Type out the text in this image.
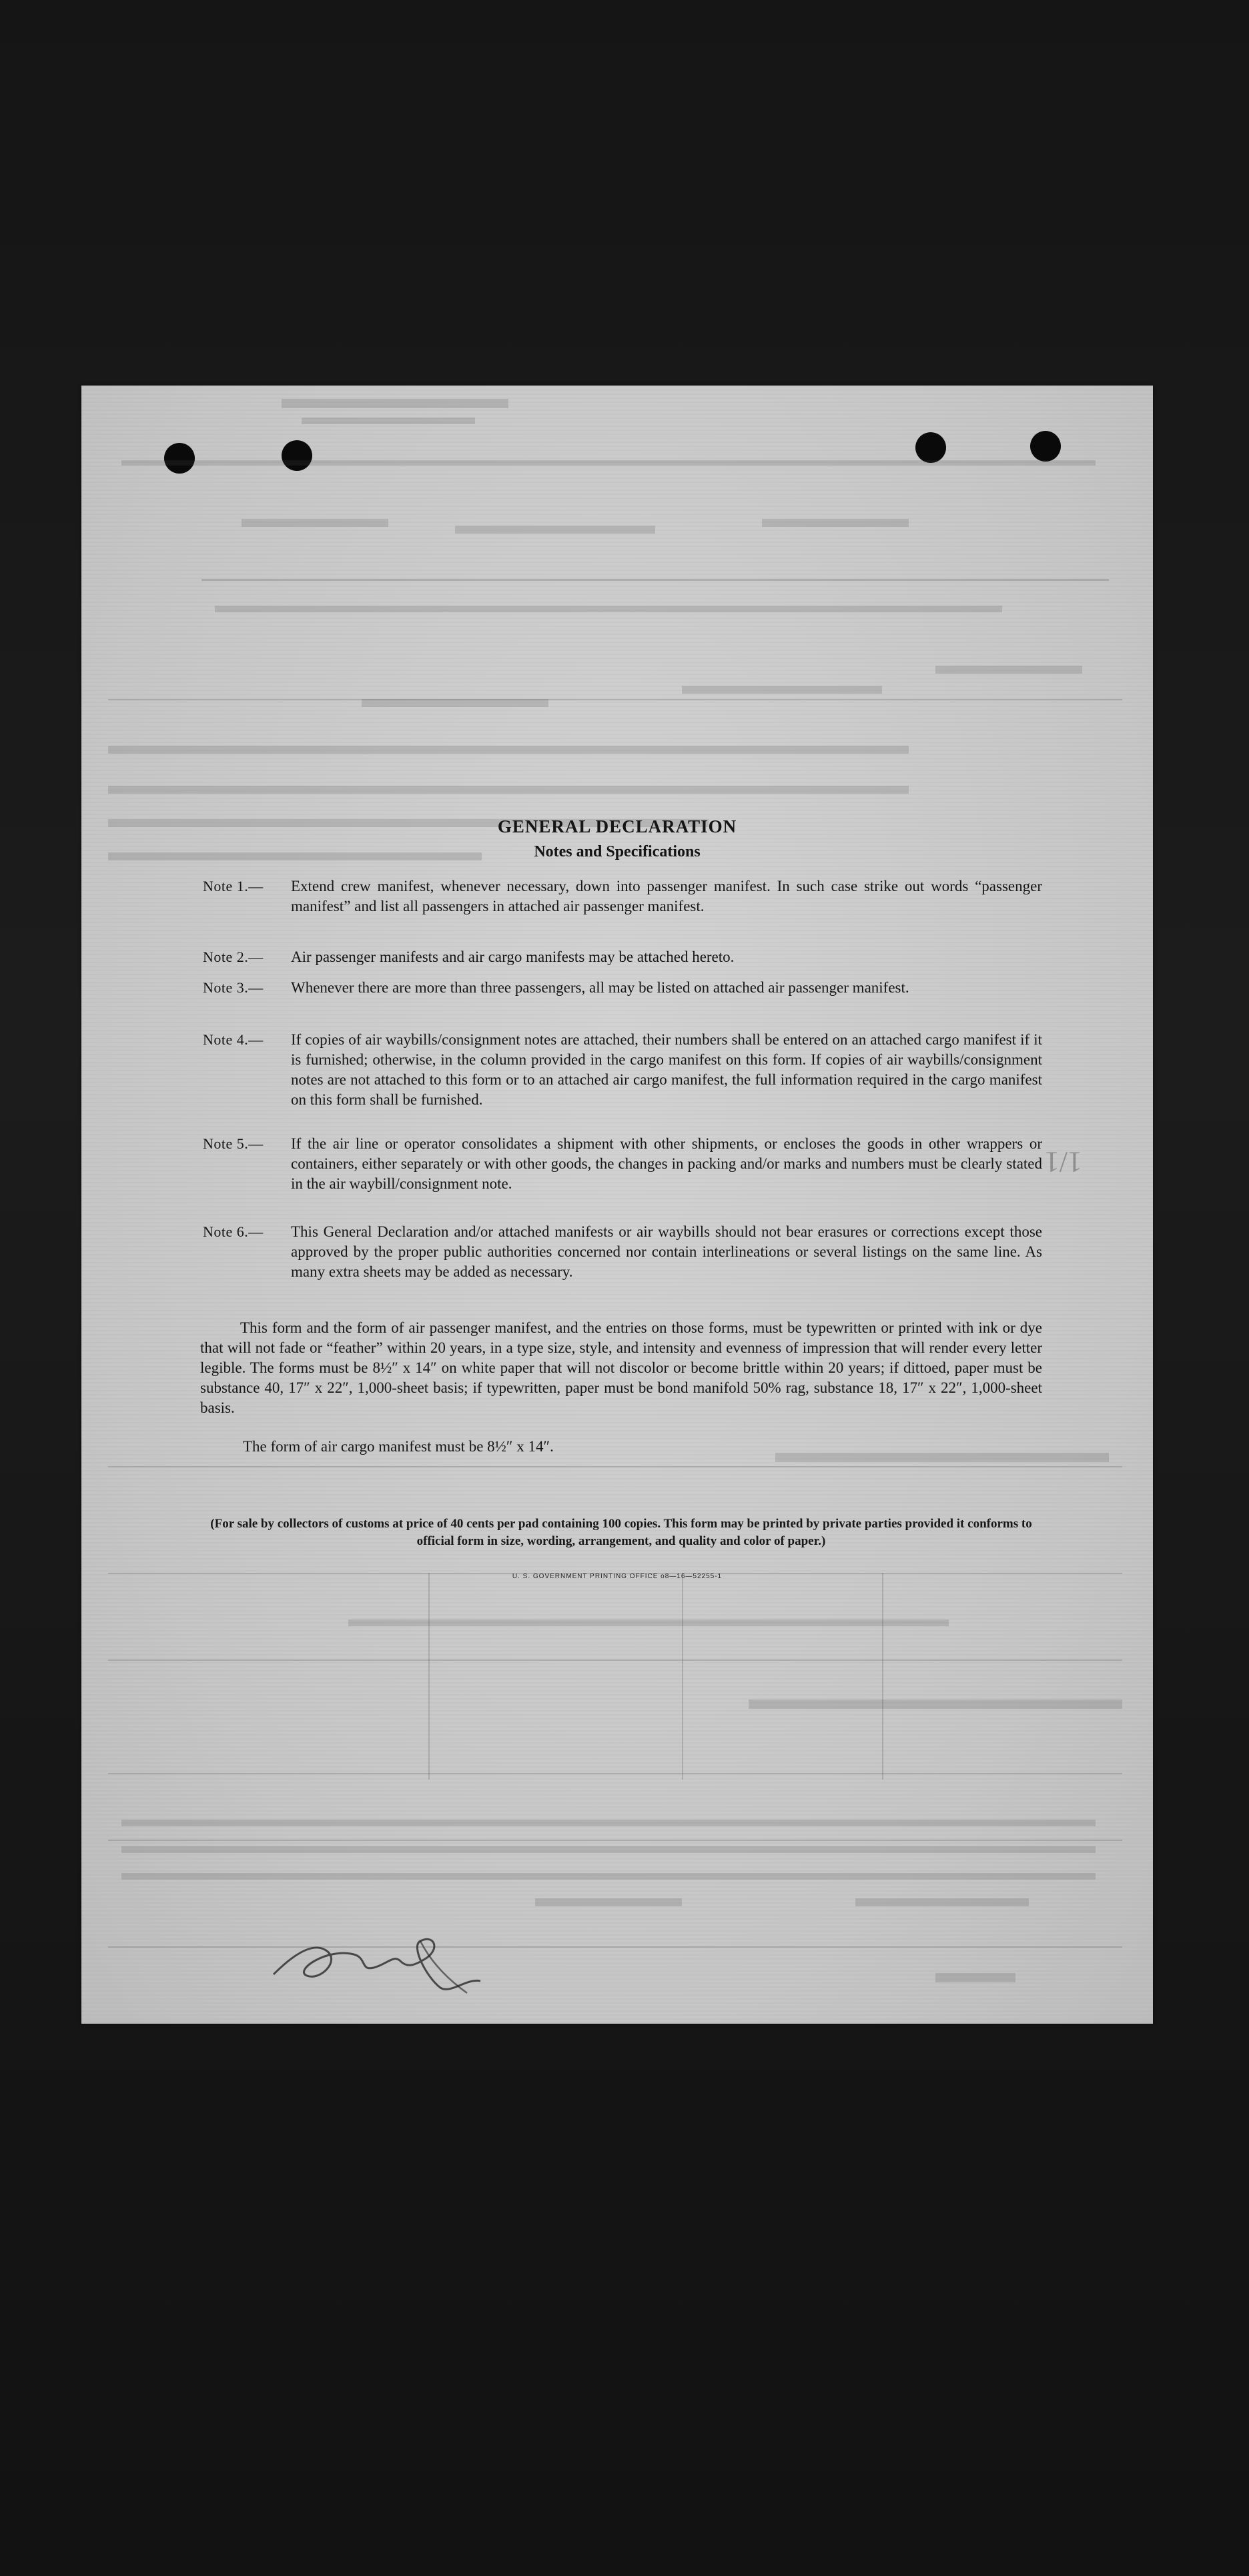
1/1
GENERAL DECLARATION
Notes and Specifications
Note 1.— Extend crew manifest, whenever necessary, down into passenger manifest. In such case strike out words “passenger manifest” and list all passengers in attached air passenger manifest.
Note 2.— Air passenger manifests and air cargo manifests may be attached hereto.
Note 3.— Whenever there are more than three passengers, all may be listed on attached air passenger manifest.
Note 4.— If copies of air waybills/consignment notes are attached, their numbers shall be entered on an attached cargo manifest if it is furnished; otherwise, in the column provided in the cargo manifest on this form. If copies of air waybills/consignment notes are not attached to this form or to an attached air cargo manifest, the full information required in the cargo manifest on this form shall be furnished.
Note 5.— If the air line or operator consolidates a shipment with other shipments, or encloses the goods in other wrappers or containers, either separately or with other goods, the changes in packing and/or marks and numbers must be clearly stated in the air waybill/consignment note.
Note 6.— This General Declaration and/or attached manifests or air waybills should not bear erasures or corrections except those approved by the proper public authorities concerned nor contain interlineations or several listings on the same line. As many extra sheets may be added as necessary.
This form and the form of air passenger manifest, and the entries on those forms, must be typewritten or printed with ink or dye that will not fade or “feather” within 20 years, in a type size, style, and intensity and evenness of impression that will render every letter legible. The forms must be 8½″ x 14″ on white paper that will not discolor or become brittle within 20 years; if dittoed, paper must be substance 40, 17″ x 22″, 1,000-sheet basis; if typewritten, paper must be bond manifold 50% rag, substance 18, 17″ x 22″, 1,000-sheet basis.
The form of air cargo manifest must be 8½″ x 14″.
(For sale by collectors of customs at price of 40 cents per pad containing 100 copies. This form may be printed by private parties provided it conforms to official form in size, wording, arrangement, and quality and color of paper.)
U. S. GOVERNMENT PRINTING OFFICE o8—16—52255-1
